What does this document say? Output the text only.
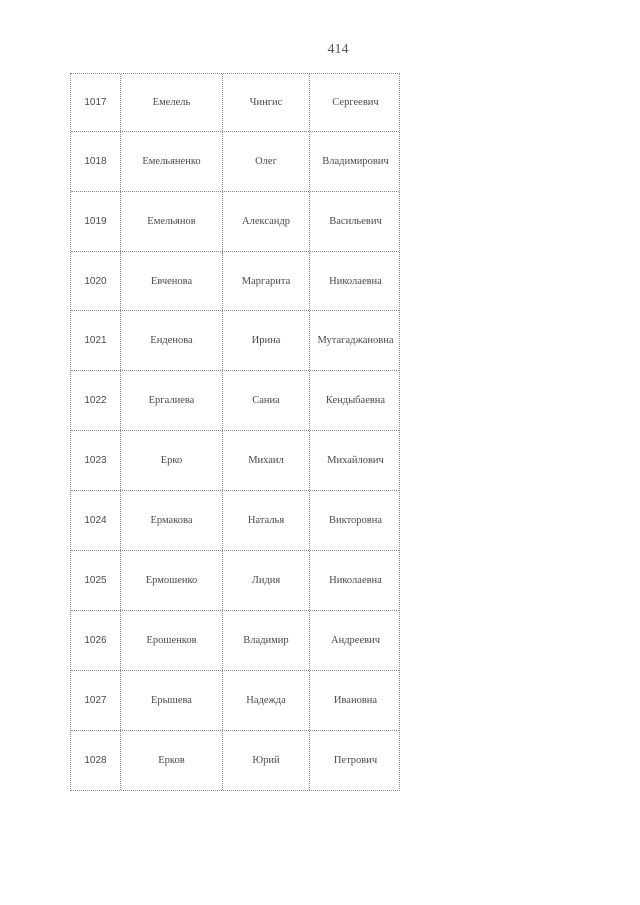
414
1017	Емелель	Чингис	Сергеевич
1018	Емельяненко	Олег	Владимирович
1019	Емельянов	Александр	Васильевич
1020	Евченова	Маргарита	Николаевна
1021	Енденова	Ирина	Мутагаджановна
1022	Ергалиева	Саниа	Кендыбаевна
1023	Ерко	Михаил	Михайлович
1024	Ермакова	Наталья	Викторовна
1025	Ермошенко	Лидия	Николаевна
1026	Ерошенков	Владимир	Андреевич
1027	Ерышева	Надежда	Ивановна
1028	Ерков	Юрий	Петрович
